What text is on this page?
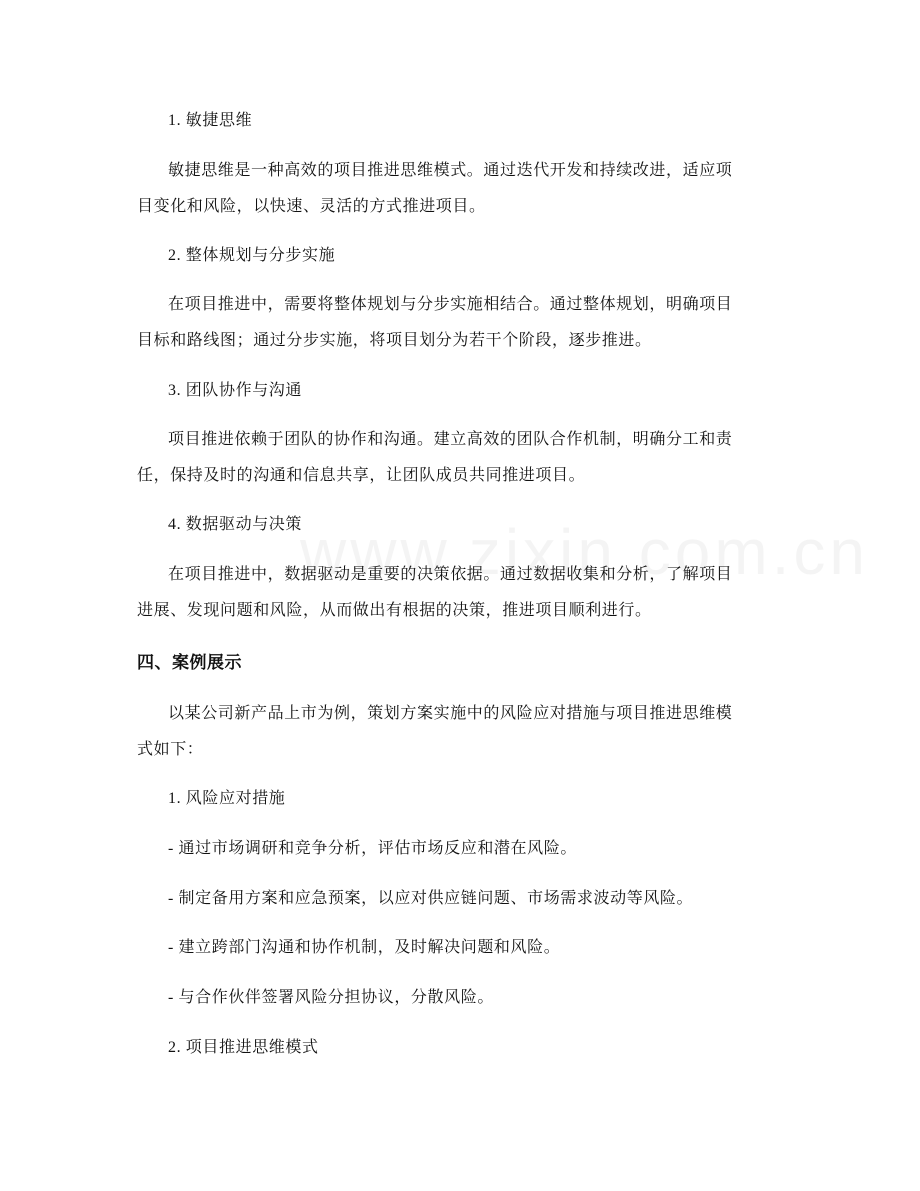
1. 敏捷思维
敏捷思维是一种高效的项目推进思维模式。通过迭代开发和持续改进，适应项
目变化和风险，以快速、灵活的方式推进项目。
2. 整体规划与分步实施
在项目推进中，需要将整体规划与分步实施相结合。通过整体规划，明确项目
目标和路线图；通过分步实施，将项目划分为若干个阶段，逐步推进。
3. 团队协作与沟通
项目推进依赖于团队的协作和沟通。建立高效的团队合作机制，明确分工和责
任，保持及时的沟通和信息共享，让团队成员共同推进项目。
4. 数据驱动与决策
在项目推进中，数据驱动是重要的决策依据。通过数据收集和分析，了解项目
进展、发现问题和风险，从而做出有根据的决策，推进项目顺利进行。
四、案例展示
以某公司新产品上市为例，策划方案实施中的风险应对措施与项目推进思维模
式如下：
1. 风险应对措施
- 通过市场调研和竞争分析，评估市场反应和潜在风险。
- 制定备用方案和应急预案，以应对供应链问题、市场需求波动等风险。
- 建立跨部门沟通和协作机制，及时解决问题和风险。
- 与合作伙伴签署风险分担协议，分散风险。
2. 项目推进思维模式
